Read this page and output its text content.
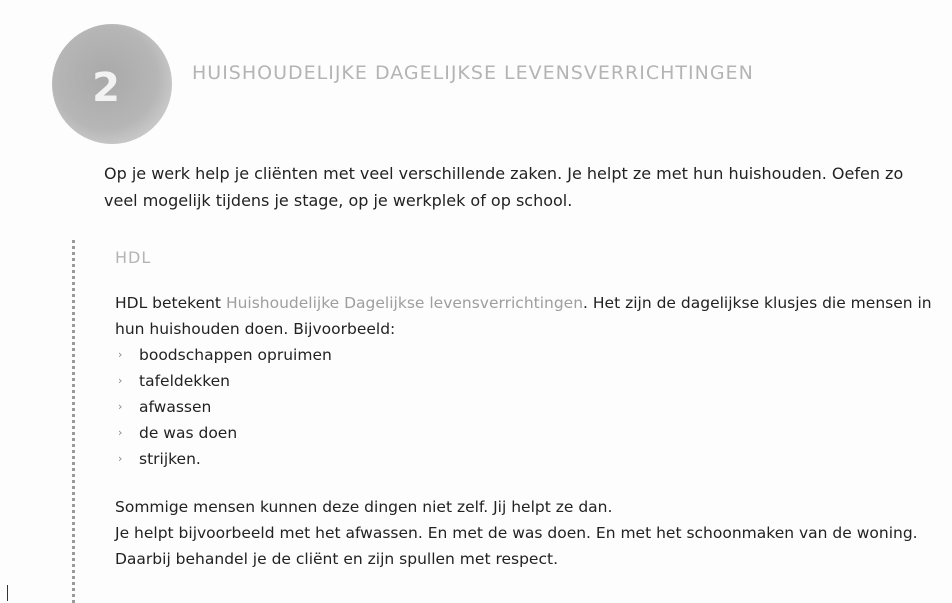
2	HUISHOUDELIJKE DAGELIJKSE LEVENSVERRICHTINGEN
Op je werk help je cliënten met veel verschillende zaken. Je helpt ze met hun huishouden. Oefen zo veel mogelijk tijdens je stage, op je werkplek of op school.
HDL

HDL betekent Huishoudelijke Dagelijkse levensverrichtingen. Het zijn de dagelijkse klusjes die mensen in hun huishouden doen. Bijvoorbeeld:

› boodschappen opruimen
› tafeldekken
› afwassen
› de was doen
› strijken.

Sommige mensen kunnen deze dingen niet zelf. Jij helpt ze dan.

Je helpt bijvoorbeeld met het afwassen. En met de was doen. En met het schoonmaken van de woning.

Daarbij behandel je de cliënt en zijn spullen met respect.
